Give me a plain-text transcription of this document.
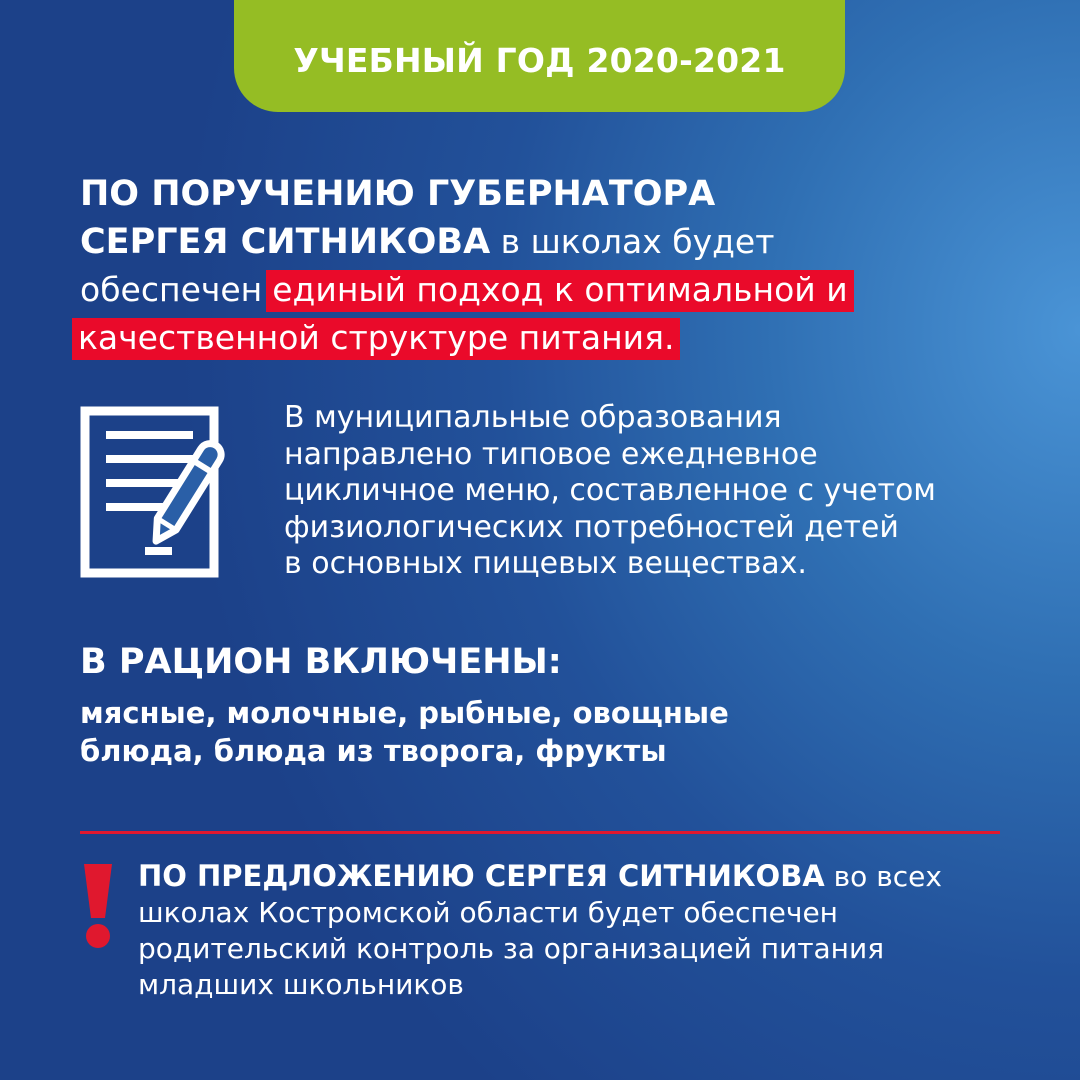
УЧЕБНЫЙ ГОД 2020-2021
ПО ПОРУЧЕНИЮ ГУБЕРНАТОРА
СЕРГЕЯ СИТНИКОВА в школах будет
обеспечен единый подход к оптимальной и
качественной структуре питания.
В муниципальные образования
направлено типовое ежедневное
цикличное меню, составленное с учетом
физиологических потребностей детей
в основных пищевых веществах.
В РАЦИОН ВКЛЮЧЕНЫ:
мясные, молочные, рыбные, овощные
блюда, блюда из творога, фрукты
ПО ПРЕДЛОЖЕНИЮ СЕРГЕЯ СИТНИКОВА во всех
школах Костромской области будет обеспечен
родительский контроль за организацией питания
младших школьников
